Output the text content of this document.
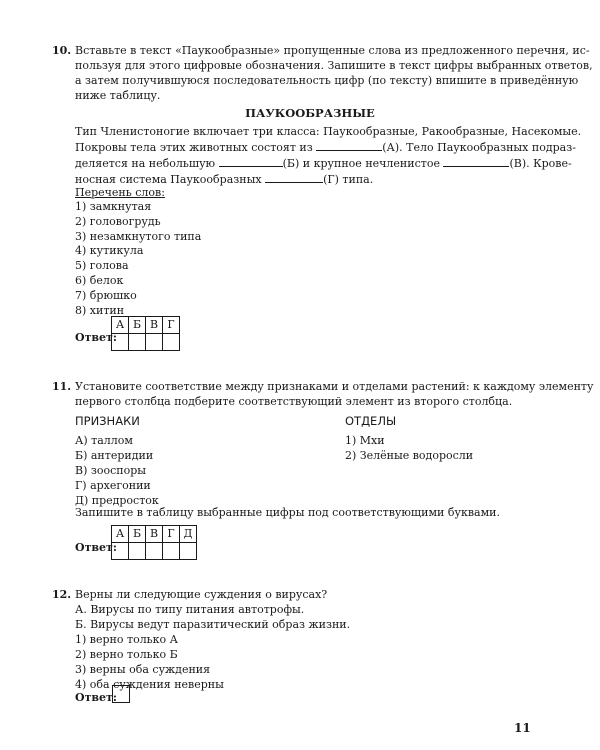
10. Вставьте в текст «Паукообразные» пропущенные слова из предложенного перечня, ис-
пользуя для этого цифровые обозначения. Запишите в текст цифры выбранных ответов,
а затем получившуюся последовательность цифр (по тексту) впишите в приведённую
ниже таблицу.
ПАУКООБРАЗНЫЕ
Тип Членистоногие включает три класса: Паукообразные, Ракообразные, Насекомые.
Покровы тела этих животных состоят из	(А). Тело Паукообразных подраз-
деляется на небольшую	(Б) и крупное нечленистое	(В). Крове-
носная система Паукообразных	(Г) типа.
Перечень слов:
1) замкнутая
2) головогрудь
3) незамкнутого типа
4) кутикула
5) голова
6) белок
7) брюшко
8) хитин
Ответ:
А	Б	В	Г

11. Установите соответствие между признаками и отделами растений: к каждому элементу
первого столбца подберите соответствующий элемент из второго столбца.
ПРИЗНАКИ
А) таллом
Б) антеридии
В) зооспоры
Г) архегонии
Д) предросток
ОТДЕЛЫ
1) Мхи
2) Зелёные водоросли
Запишите в таблицу выбранные цифры под соответствующими буквами.
Ответ:
А	Б	В	Г	Д

12. Верны ли следующие суждения о вирусах?
А. Вирусы по типу питания автотрофы.
Б. Вирусы ведут паразитический образ жизни.
1) верно только А
2) верно только Б
3) верны оба суждения
4) оба суждения неверны
Ответ:
11
